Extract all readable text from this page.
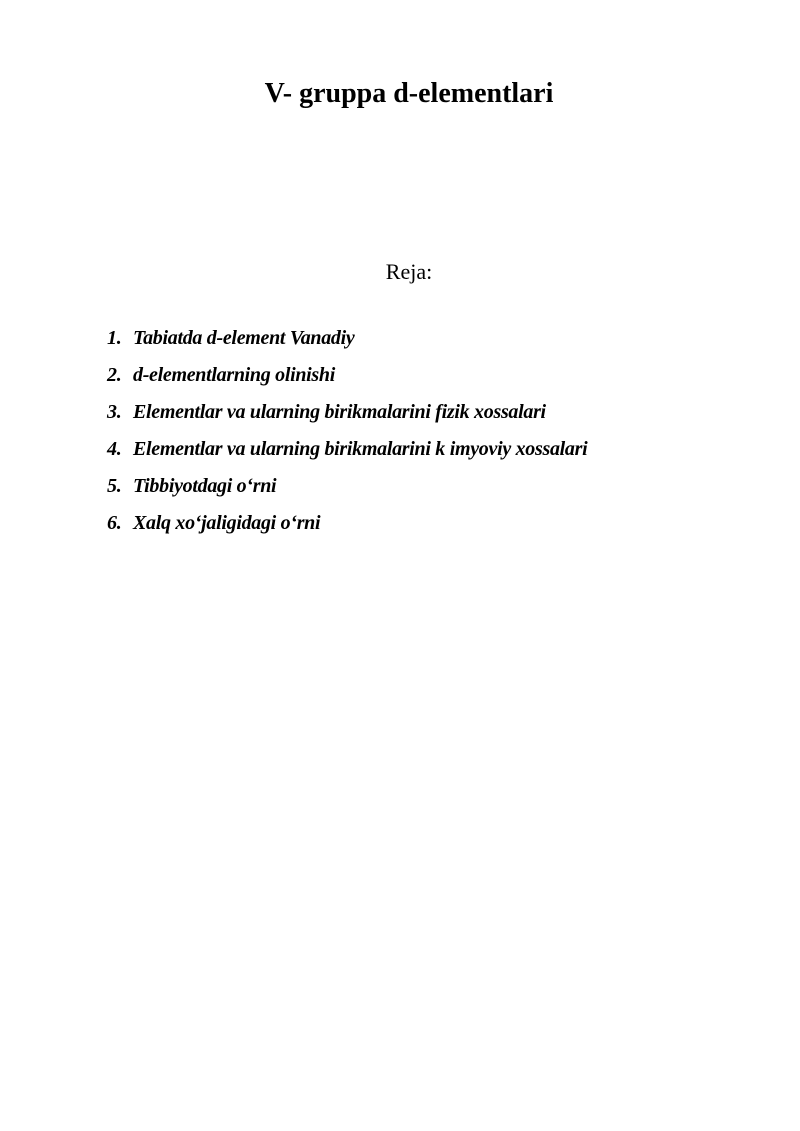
V- gruppa d-elementlari
Reja:
1. Tabiatda d-element Vanadiy
2. d-elementlarning olinishi
3. Elementlar va ularning birikmalarini fizik xossalari
4. Elementlar va ularning birikmalarini k imyoviy xossalari
5. Tibbiyotdagi o‘rni
6. Xalq xo‘jaligidagi o‘rni
